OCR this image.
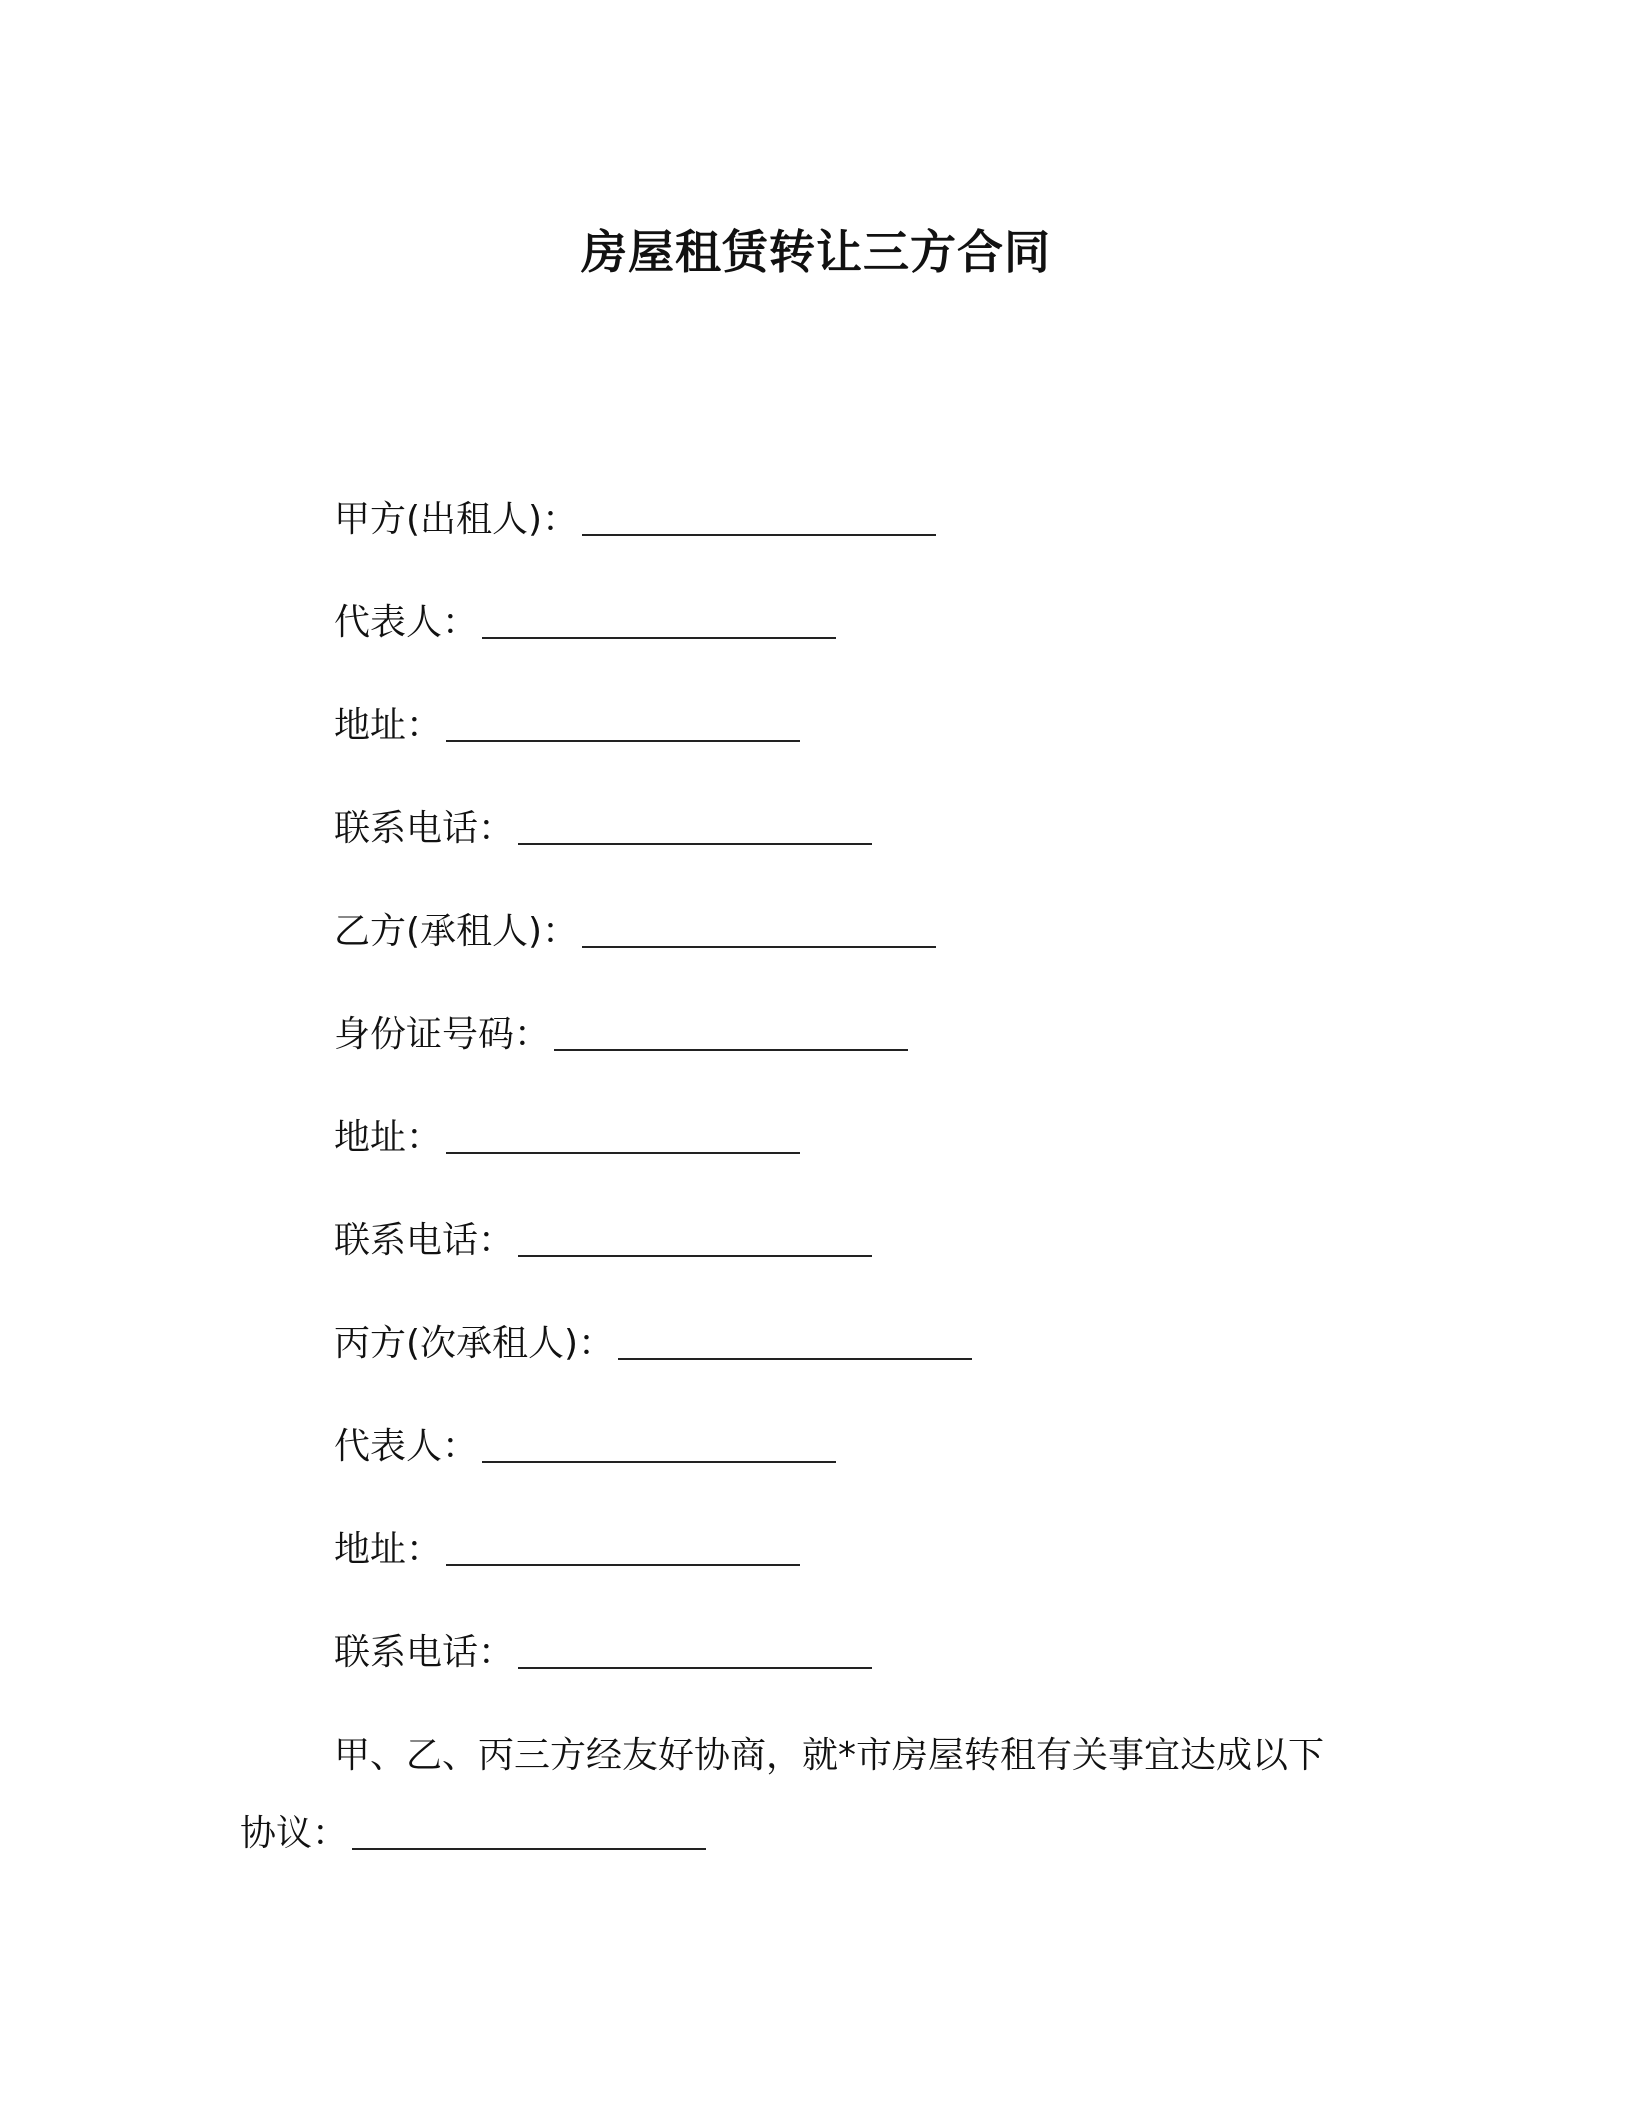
房屋租赁转让三方合同
甲方(出租人)：
代表人：
地址：
联系电话：
乙方(承租人)：
身份证号码：
地址：
联系电话：
丙方(次承租人)：
代表人：
地址：
联系电话：
甲、乙、丙三方经友好协商，就*市房屋转租有关事宜达成以下
协议：
